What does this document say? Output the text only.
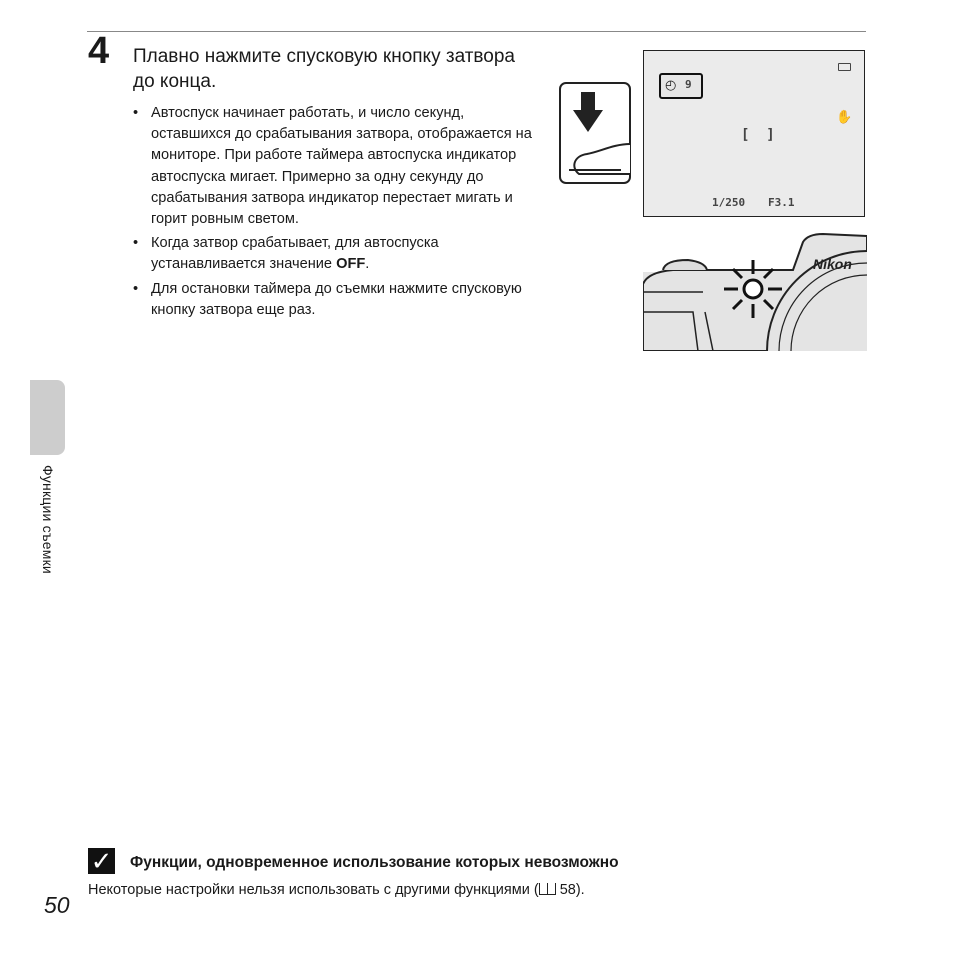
4 Плавно нажмите спусковую кнопку затвора до конца.
• Автоспуск начинает работать, и число секунд, оставшихся до срабатывания затвора, отображается на мониторе. При работе таймера автоспуска индикатор автоспуска мигает. Примерно за одну секунду до срабатывания затвора индикатор перестает мигать и горит ровным светом.
• Когда затвор срабатывает, для автоспуска устанавливается значение OFF.
• Для остановки таймера до съемки нажмите спусковую кнопку затвора еще раз.
◴ 9
✋
[  ]
1/250 F3.1
Nikon
Функции съемки
✓ Функции, одновременное использование которых невозможно
Некоторые настройки нельзя использовать с другими функциями ( 58).
50
